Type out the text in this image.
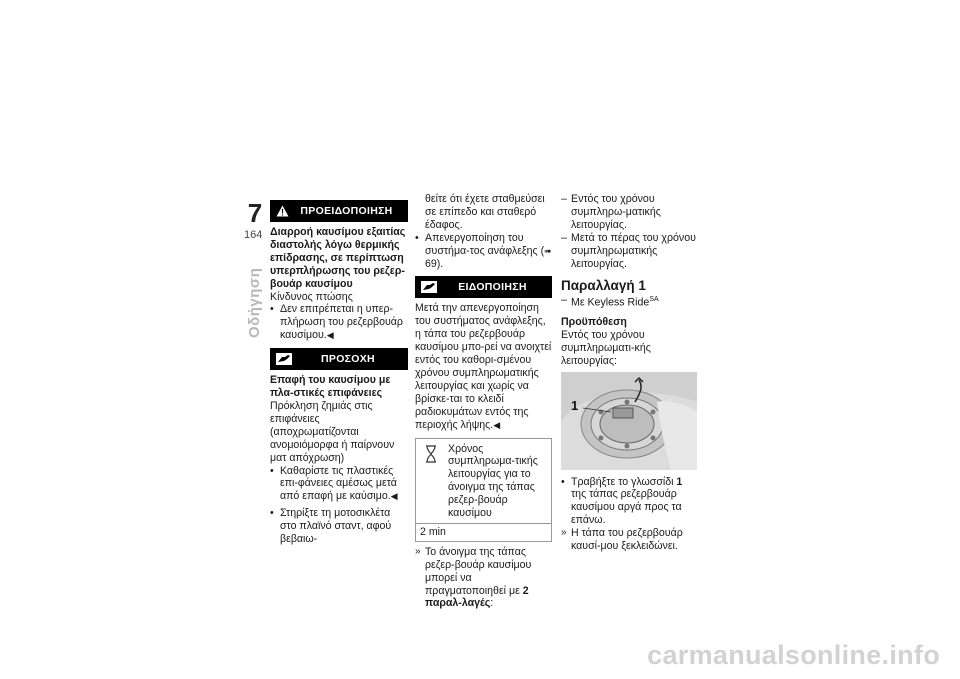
7
164
Οδήγηση
ΠΡΟΕΙΔΟΠΟΙΗΣΗ

Διαρροή καυσίμου εξαιτίας διαστολής λόγω θερμικής επίδρασης, σε περίπτωση υπερπλήρωσης του ρεζερ-βουάρ καυσίμου

Κίνδυνος πτώσης

• Δεν επιτρέπεται η υπερ-πλήρωση του ρεζερβουάρ καυσίμου.◀

ΠΡΟΣΟΧΗ

Επαφή του καυσίμου με πλα-στικές επιφάνειες

Πρόκληση ζημιάς στις επιφάνειες (αποχρωματίζονται ανομοιόμορφα ή παίρνουν ματ απόχρωση)

• Καθαρίστε τις πλαστικές επι-φάνειες αμέσως μετά από επαφή με καύσιμο.◀

• Στηρίξτε τη μοτοσικλέτα στο πλαϊνό σταντ, αφού βεβαιω-

θείτε ότι έχετε σταθμεύσει σε επίπεδο και σταθερό έδαφος.

• Απενεργοποίηση του συστήμα-τος ανάφλεξης (➠ 69).

ΕΙΔΟΠΟΙΗΣΗ

Μετά την απενεργοποίηση του συστήματος ανάφλεξης, η τάπα του ρεζερβουάρ καυσίμου μπο-ρεί να ανοιχτεί εντός του καθορι-σμένου χρόνου συμπληρωματικής λειτουργίας και χωρίς να βρίσκε-ται το κλειδί ραδιοκυμάτων εντός της περιοχής λήψης.◀

Χρόνος συμπληρωμα-τικής λειτουργίας για το άνοιγμα της τάπας ρεζερ-βουάρ καυσίμου
2 min

» Το άνοιγμα της τάπας ρεζερ-βουάρ καυσίμου μπορεί να πραγματοποιηθεί με 2 παραλ-λαγές:

– Εντός του χρόνου συμπληρω-ματικής λειτουργίας.

– Μετά το πέρας του χρόνου συμπληρωματικής λειτουργίας.

Παραλλαγή 1

– Με Keyless Ride$^{SA}$

Προϋπόθεση

Εντός του χρόνου συμπληρωματι-κής λειτουργίας:

1

• Τραβήξτε το γλωσσίδι 1 της τάπας ρεζερβουάρ καυσίμου αργά προς τα επάνω.

» Η τάπα του ρεζερβουάρ καυσί-μου ξεκλειδώνει.

carmanualsonline.info
